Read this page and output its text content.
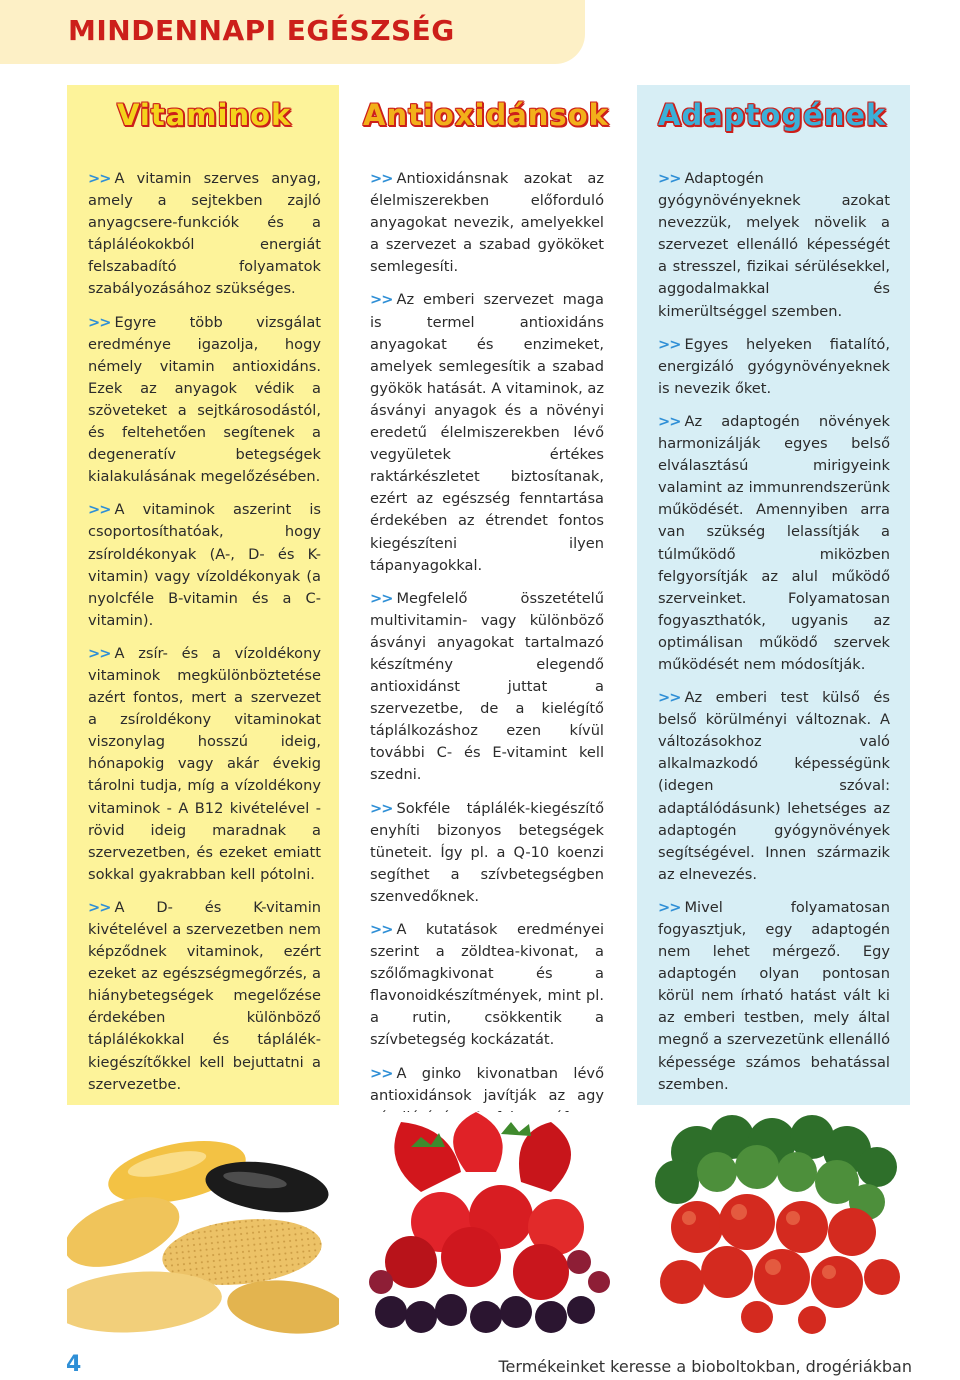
MINDENNAPI EGÉSZSÉG
Vitaminok Antioxidánsok Adaptogének

>> A vitamin szerves anyag, amely a sejtekben zajló anyagcsere-funkciók és a tápláléokokból energiát felszabadító folyamatok szabályozásához szükséges.

>> Egyre több vizsgálat eredménye igazolja, hogy némely vitamin antioxidáns. Ezek az anyagok védik a szöveteket a sejtkárosodástól, és feltehetően segítenek a degeneratív betegségek kialakulásának megelőzésében.

>> A vitaminok aszerint is csoportosíthatóak, hogy zsíroldékonyak (A-, D- és K-vitamin) vagy vízoldékonyak (a nyolcféle B-vitamin és a C-vitamin).

>> A zsír- és a vízoldékony vitaminok megkülönböztetése azért fontos, mert a szervezet a zsíroldékony vitaminokat viszonylag hosszú ideig, hónapokig vagy akár évekig tárolni tudja, míg a vízoldékony vitaminok - A B12 kivételével - rövid ideig maradnak a szervezetben, és ezeket emiatt sokkal gyakrabban kell pótolni.

>> A D- és K-vitamin kivételével a szervezetben nem képződnek vitaminok, ezért ezeket az egészségmegőrzés, a hiánybetegségek megelőzése érdekében különböző táplálékokkal és táplálék-kiegészítőkkel kell bejuttatni a szervezetbe.

>> Antioxidánsnak azokat az élelmiszerekben előforduló anyagokat nevezik, amelyekkel a szervezet a szabad gyököket semlegesíti.

>> Az emberi szervezet maga is termel antioxidáns anyagokat és enzimeket, amelyek semlegesítik a szabad gyökök hatását. A vitaminok, az ásványi anyagok és a növényi eredetű élelmiszerekben lévő vegyületek értékes raktárkészletet biztosítanak, ezért az egészség fenntartása érdekében az étrendet fontos kiegészíteni ilyen tápanyagokkal.

>> Megfelelő összetételű multivitamin- vagy különböző ásványi anyagokat tartalmazó készítmény elegendő antioxidánst juttat a szervezetbe, de a kielégítő táplálkozáshoz ezen kívül további C- és E-vitamint kell szedni.

>> Sokféle táplálék-kiegészítő enyhíti bizonyos betegségek tüneteit. Így pl. a Q-10 koenzi segíthet a szívbetegségben szenvedőknek.

>> A kutatások eredményei szerint a zöldtea-kivonat, a szőlőmagkivonat és a flavonoidkészítmények, mint pl. a rutin, csökkentik a szívbetegség kockázatát.

>> A ginko kivonatban lévő antioxidánsok javítják az agy

>> Adaptogén gyógynövényeknek azokat nevezzük, melyek növelik a szervezet ellenálló képességét a stresszel, fizikai sérülésekkel, aggodalmakkal és kimerültséggel szemben.

>> Egyes helyeken fiatalító, energizáló gyógynövényeknek is nevezik őket.

>> Az adaptogén növények harmonizálják egyes belső elválasztású mirigyeink valamint az immunrendszerünk működését. Amennyiben arra van szükség lelassítják a túlműködő miközben felgyorsítják az alul működő szerveinket. Folyamatosan fogyaszthatók, ugyanis az optimálisan működő szervek működését nem módosítják.

>> Az emberi test külső és belső körülményi változnak. A változásokhoz való alkalmazkodó képességünk (idegen szóval: adaptálódásunk) lehetséges az adaptogén gyógynövények segítségével. Innen származik az elnevezés.

>> Mivel folyamatosan fogyasztjuk, egy adaptogén nem lehet mérgező. Egy adaptogén olyan pontosan körül nem írható hatást vált ki az emberi testben, mely által megnő a szervezetünk ellenálló képessége számos behatással szemben.

4	Termékeinket keresse a bioboltokban, drogériákban
